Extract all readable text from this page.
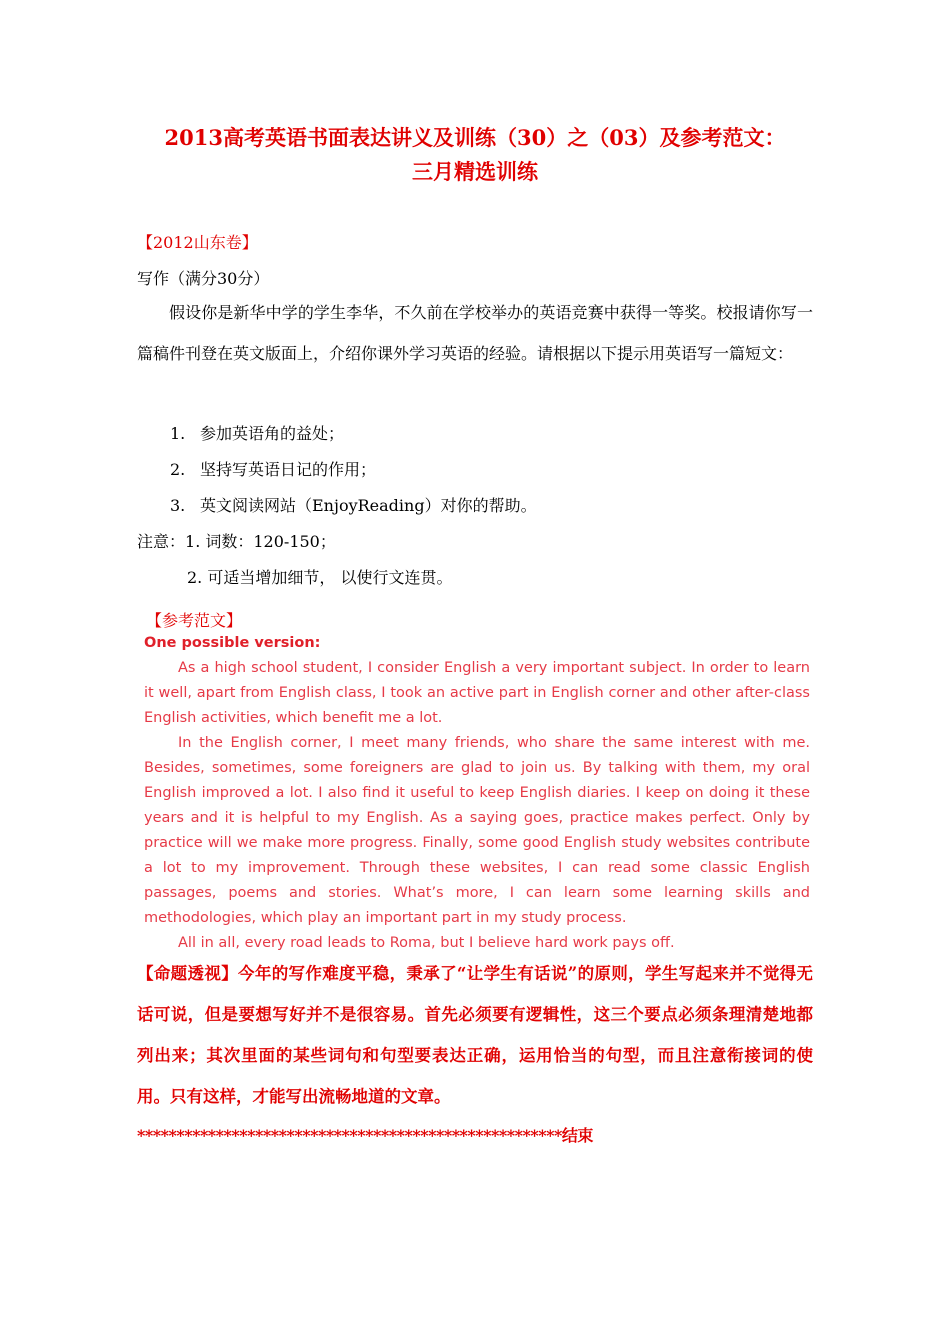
2013高考英语书面表达讲义及训练（30）之（03）及参考范文：
三月精选训练
【2012山东卷】
写作（满分30分）
假设你是新华中学的学生李华，不久前在学校举办的英语竞赛中获得一等奖。校报请你写一篇稿件刊登在英文版面上，介绍你课外学习英语的经验。请根据以下提示用英语写一篇短文：
1. 参加英语角的益处；
2. 坚持写英语日记的作用；
3. 英文阅读网站（EnjoyReading）对你的帮助。
注意：1. 词数：120-150；
2. 可适当增加细节， 以使行文连贯。
【参考范文】

One possible version:

As a high school student, I consider English a very important subject. In order to learn it well, apart from English class, I took an active part in English corner and other after-class English activities, which benefit me a lot.

In the English corner, I meet many friends, who share the same interest with me. Besides, sometimes, some foreigners are glad to join us. By talking with them, my oral English improved a lot. I also find it useful to keep English diaries. I keep on doing it these years and it is helpful to my English. As a saying goes, practice makes perfect. Only by practice will we make more progress. Finally, some good English study websites contribute a lot to my improvement. Through these websites, I can read some classic English passages, poems and stories. What’s more, I can learn some learning skills and methodologies, which play an important part in my study process.

All in all, every road leads to Roma, but I believe hard work pays off.

【命题透视】今年的写作难度平稳，秉承了“让学生有话说”的原则，学生写起来并不觉得无话可说，但是要想写好并不是很容易。首先必须要有逻辑性，这三个要点必须条理清楚地都列出来；其次里面的某些词句和句型要表达正确，运用恰当的句型，而且注意衔接词的使用。只有这样，才能写出流畅地道的文章。
******************************************************结束
